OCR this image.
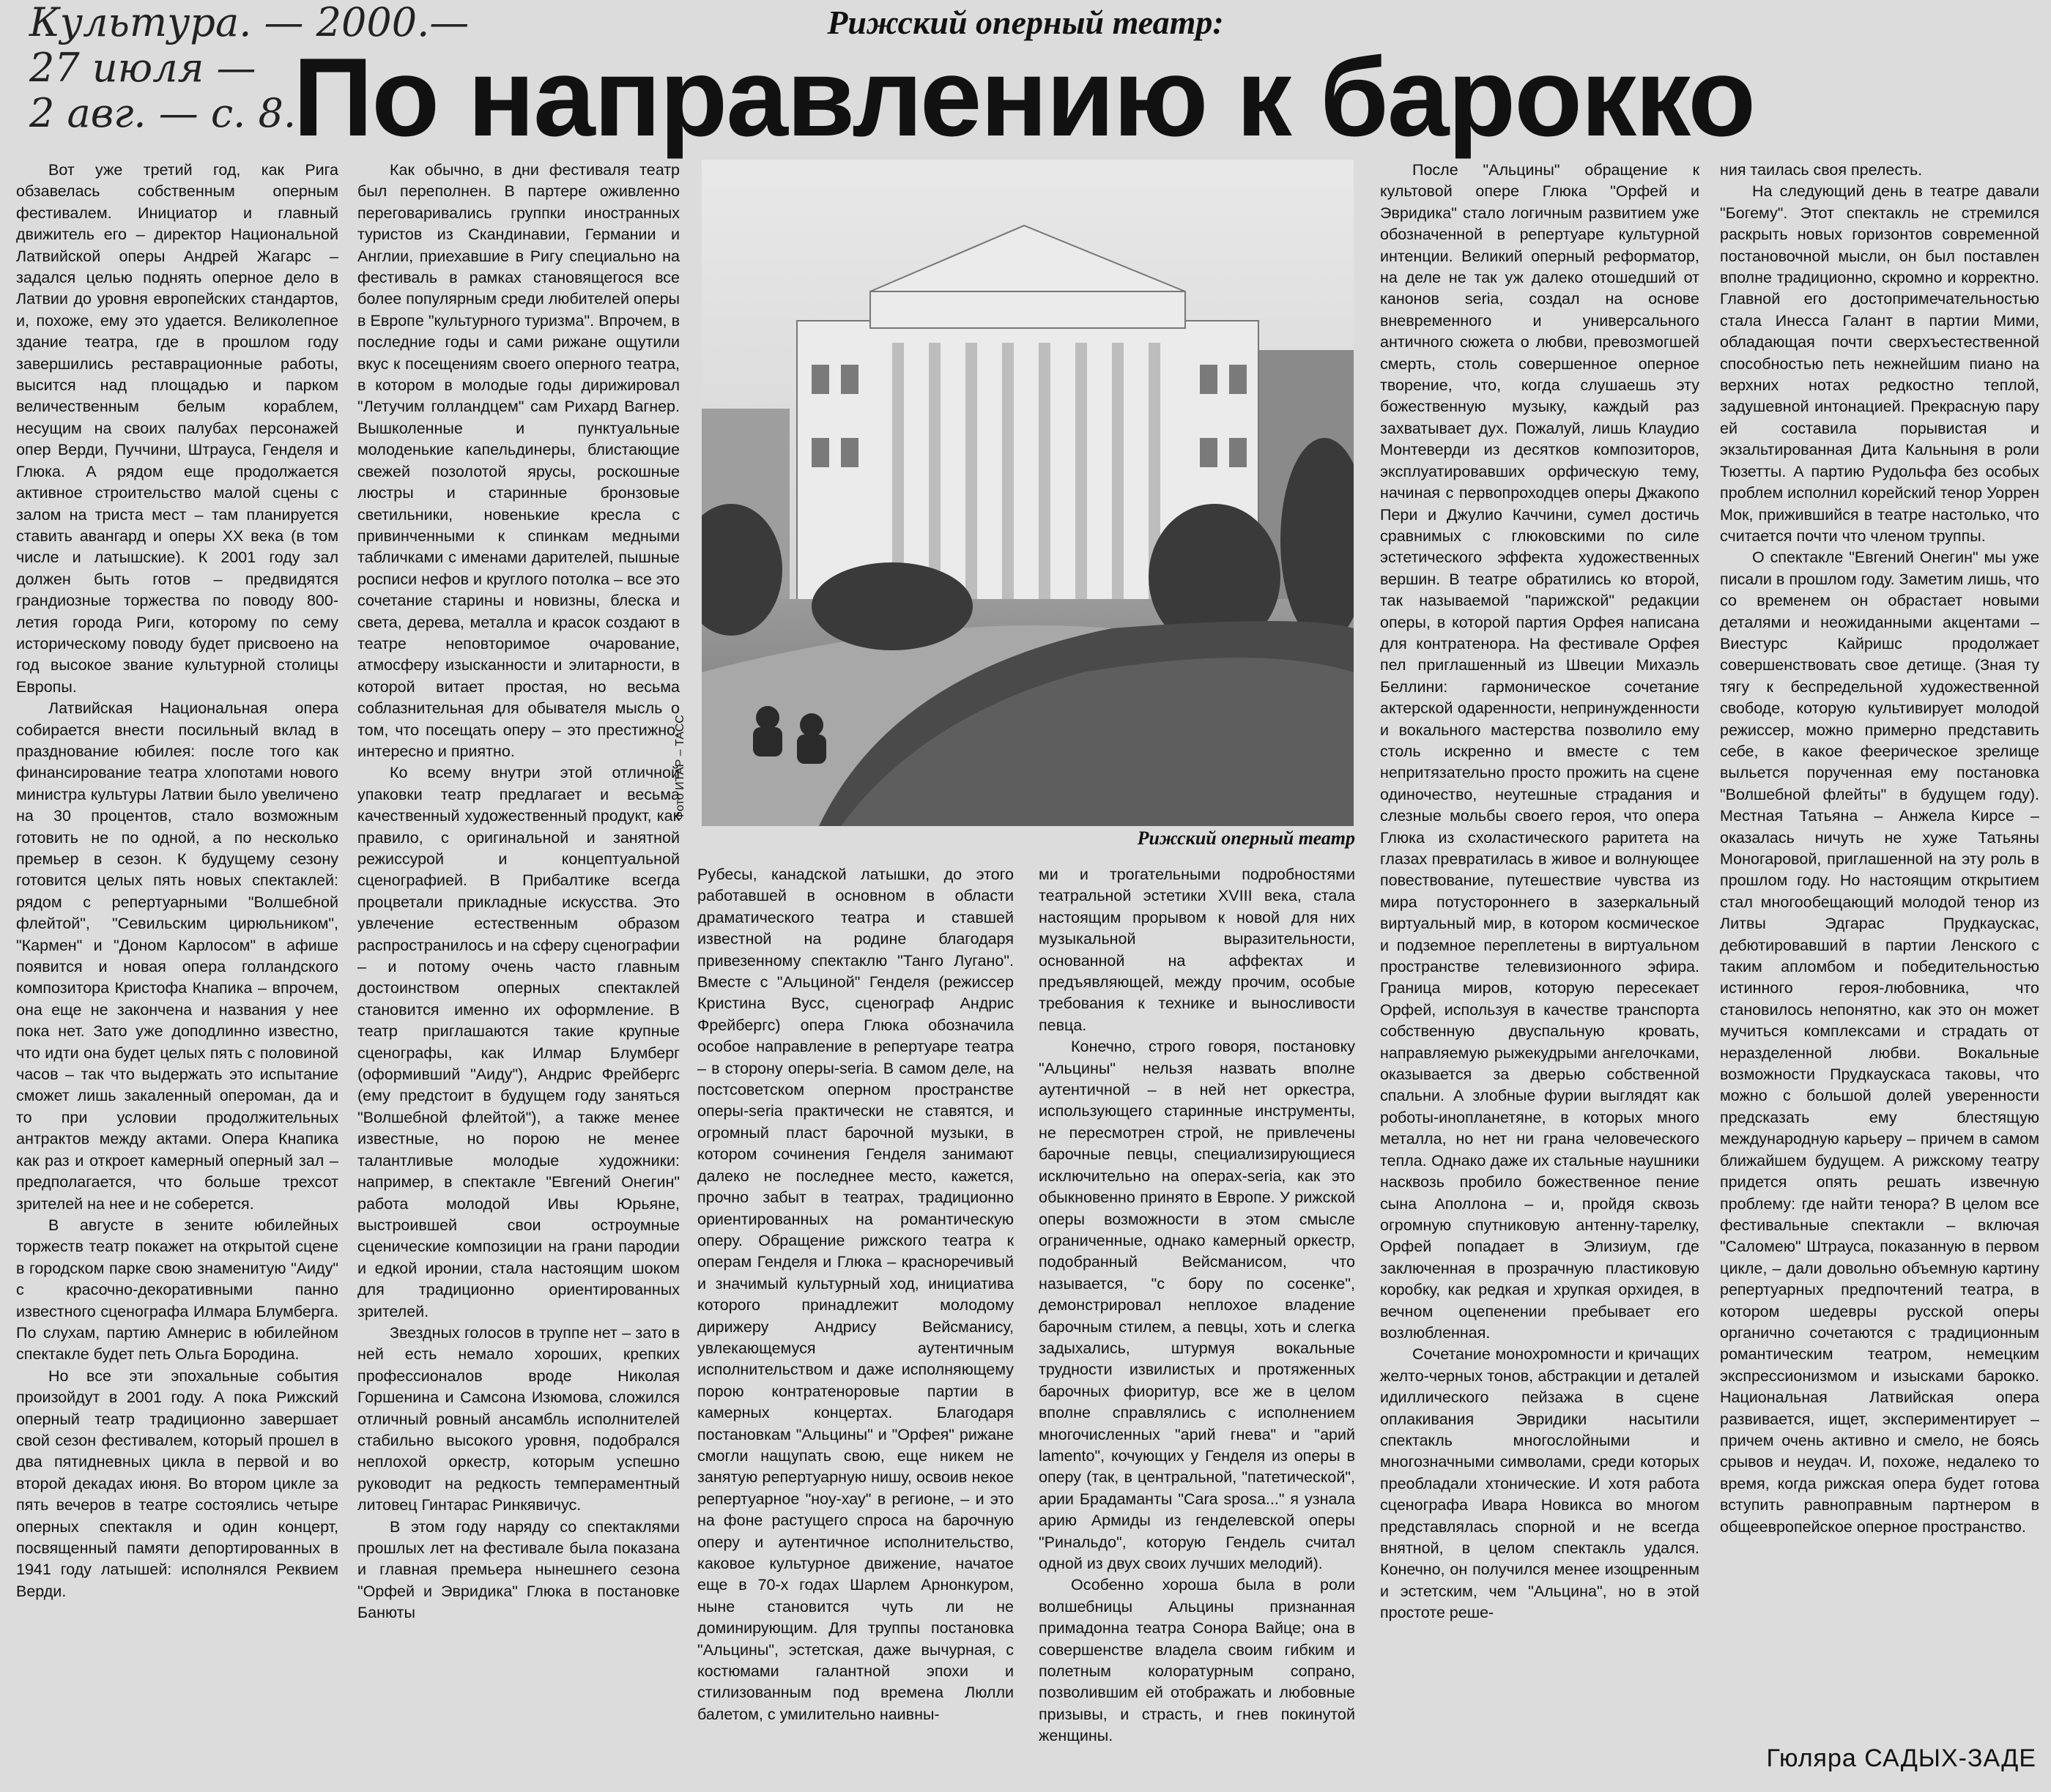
Культура. — 2000.—
27 июля —
2 авг. — с. 8.
Рижский оперный театр:
По направлению к барокко

Вот уже третий год, как Рига обзавелась собственным оперным фестивалем. Инициатор и главный движитель его – директор Национальной Латвийской оперы Андрей Жагарс – задался целью поднять оперное дело в Латвии до уровня европейских стандартов, и, похоже, ему это удается. Великолепное здание театра, где в прошлом году завершились реставрационные работы, высится над площадью и парком величественным белым кораблем, несущим на своих палубах персонажей опер Верди, Пуччини, Штрауса, Генделя и Глюка. А рядом еще продолжается активное строительство малой сцены с залом на триста мест – там планируется ставить авангард и оперы XX века (в том числе и латышские). К 2001 году зал должен быть готов – предвидятся грандиозные торжества по поводу 800-летия города Риги, которому по сему историческому поводу будет присвоено на год высокое звание культурной столицы Европы.

Латвийская Национальная опера собирается внести посильный вклад в празднование юбилея: после того как финансирование театра хлопотами нового министра культуры Латвии было увеличено на 30 процентов, стало возможным готовить не по одной, а по несколько премьер в сезон. К будущему сезону готовится целых пять новых спектаклей: рядом с репертуарными "Волшебной флейтой", "Севильским цирюльником", "Кармен" и "Доном Карлосом" в афише появится и новая опера голландского композитора Кристофа Кнапика – впрочем, она еще не закончена и названия у нее пока нет. Зато уже доподлинно известно, что идти она будет целых пять с половиной часов – так что выдержать это испытание сможет лишь закаленный опероман, да и то при условии продолжительных антрактов между актами. Опера Кнапика как раз и откроет камерный оперный зал – предполагается, что больше трехсот зрителей на нее и не соберется.

В августе в зените юбилейных торжеств театр покажет на открытой сцене в городском парке свою знаменитую "Аиду" с красочно-декоративными панно известного сценографа Илмара Блумберга. По слухам, партию Амнерис в юбилейном спектакле будет петь Ольга Бородина.

Но все эти эпохальные события произойдут в 2001 году. А пока Рижский оперный театр традиционно завершает свой сезон фестивалем, который прошел в два пятидневных цикла в первой и во второй декадах июня. Во втором цикле за пять вечеров в театре состоялись четыре оперных спектакля и один концерт, посвященный памяти депортированных в 1941 году латышей: исполнялся Реквием Верди.

Как обычно, в дни фестиваля театр был переполнен. В партере оживленно переговаривались группки иностранных туристов из Скандинавии, Германии и Англии, приехавшие в Ригу специально на фестиваль в рамках становящегося все более популярным среди любителей оперы в Европе "культурного туризма". Впрочем, в последние годы и сами рижане ощутили вкус к посещениям своего оперного театра, в котором в молодые годы дирижировал "Летучим голландцем" сам Рихард Вагнер. Вышколенные и пунктуальные молоденькие капельдинеры, блистающие свежей позолотой ярусы, роскошные люстры и старинные бронзовые светильники, новенькие кресла с привинченными к спинкам медными табличками с именами дарителей, пышные росписи нефов и круглого потолка – все это сочетание старины и новизны, блеска и света, дерева, металла и красок создают в театре неповторимое очарование, атмосферу изысканности и элитарности, в которой витает простая, но весьма соблазнительная для обывателя мысль о том, что посещать оперу – это престижно, интересно и приятно.

Ко всему внутри этой отличной упаковки театр предлагает и весьма качественный художественный продукт, как правило, с оригинальной и занятной режиссурой и концептуальной сценографией. В Прибалтике всегда процветали прикладные искусства. Это увлечение естественным образом распространилось и на сферу сценографии – и потому очень часто главным достоинством оперных спектаклей становится именно их оформление. В театр приглашаются такие крупные сценографы, как Илмар Блумберг (оформивший "Аиду"), Андрис Фрейбергс (ему предстоит в будущем году заняться "Волшебной флейтой"), а также менее известные, но порою не менее талантливые молодые художники: например, в спектакле "Евгений Онегин" работа молодой Ивы Юрьяне, выстроившей свои остроумные сценические композиции на грани пародии и едкой иронии, стала настоящим шоком для традиционно ориентированных зрителей.

Звездных голосов в труппе нет – зато в ней есть немало хороших, крепких профессионалов вроде Николая Горшенина и Самсона Изюмова, сложился отличный ровный ансамбль исполнителей стабильно высокого уровня, подобрался неплохой оркестр, которым успешно руководит на редкость темпераментный литовец Гинтарас Ринкявичус.

В этом году наряду со спектаклями прошлых лет на фестивале была показана и главная премьера нынешнего сезона "Орфей и Эвридика" Глюка в постановке Банюты

Фото ИТАР – ТАСС
Рижский оперный театр

Рубесы, канадской латышки, до этого работавшей в основном в области драматического театра и ставшей известной на родине благодаря привезенному спектаклю "Танго Лугано". Вместе с "Альциной" Генделя (режиссер Кристина Вусс, сценограф Андрис Фрейбергс) опера Глюка обозначила особое направление в репертуаре театра – в сторону оперы-seria. В самом деле, на постсоветском оперном пространстве оперы-seria практически не ставятся, и огромный пласт барочной музыки, в котором сочинения Генделя занимают далеко не последнее место, кажется, прочно забыт в театрах, традиционно ориентированных на романтическую оперу. Обращение рижского театра к операм Генделя и Глюка – красноречивый и значимый культурный ход, инициатива которого принадлежит молодому дирижеру Андрису Вейсманису, увлекающемуся аутентичным исполнительством и даже исполняющему порою контратеноровые партии в камерных концертах. Благодаря постановкам "Альцины" и "Орфея" рижане смогли нащупать свою, еще никем не занятую репертуарную нишу, освоив некое репертуарное "ноу-хау" в регионе, – и это на фоне растущего спроса на барочную оперу и аутентичное исполнительство, каковое культурное движение, начатое еще в 70-х годах Шарлем Арнонкуром, ныне становится чуть ли не доминирующим. Для труппы постановка "Альцины", эстетская, даже вычурная, с костюмами галантной эпохи и стилизованным под времена Люлли балетом, с умилительно наивны-

ми и трогательными подробностями театральной эстетики XVIII века, стала настоящим прорывом к новой для них музыкальной выразительности, основанной на аффектах и предъявляющей, между прочим, особые требования к технике и выносливости певца.

Конечно, строго говоря, постановку "Альцины" нельзя назвать вполне аутентичной – в ней нет оркестра, использующего старинные инструменты, не пересмотрен строй, не привлечены барочные певцы, специализирующиеся исключительно на операх-seria, как это обыкновенно принято в Европе. У рижской оперы возможности в этом смысле ограниченные, однако камерный оркестр, подобранный Вейсманисом, что называется, "с бору по сосенке", демонстрировал неплохое владение барочным стилем, а певцы, хоть и слегка задыхались, штурмуя вокальные трудности извилистых и протяженных барочных фиоритур, все же в целом вполне справлялись с исполнением многочисленных "арий гнева" и "арий lamento", кочующих у Генделя из оперы в оперу (так, в центральной, "патетической", арии Брадаманты "Cara sposa..." я узнала арию Армиды из генделевской оперы "Ринальдо", которую Гендель считал одной из двух своих лучших мелодий).

Особенно хороша была в роли волшебницы Альцины признанная примадонна театра Сонора Вайце; она в совершенстве владела своим гибким и полетным колоратурным сопрано, позволившим ей отображать и любовные призывы, и страсть, и гнев покинутой женщины.

После "Альцины" обращение к культовой опере Глюка "Орфей и Эвридика" стало логичным развитием уже обозначенной в репертуаре культурной интенции. Великий оперный реформатор, на деле не так уж далеко отошедший от канонов seria, создал на основе вневременного и универсального античного сюжета о любви, превозмогшей смерть, столь совершенное оперное творение, что, когда слушаешь эту божественную музыку, каждый раз захватывает дух. Пожалуй, лишь Клаудио Монтеверди из десятков композиторов, эксплуатировавших орфическую тему, начиная с первопроходцев оперы Джакопо Пери и Джулио Каччини, сумел достичь сравнимых с глюковскими по силе эстетического эффекта художественных вершин. В театре обратились ко второй, так называемой "парижской" редакции оперы, в которой партия Орфея написана для контратенора. На фестивале Орфея пел приглашенный из Швеции Михаэль Беллини: гармоническое сочетание актерской одаренности, непринужденности и вокального мастерства позволило ему столь искренно и вместе с тем непритязательно просто прожить на сцене одиночество, неутешные страдания и слезные мольбы своего героя, что опера Глюка из схоластического раритета на глазах превратилась в живое и волнующее повествование, путешествие чувства из мира потустороннего в зазеркальный виртуальный мир, в котором космическое и подземное переплетены в виртуальном пространстве телевизионного эфира. Граница миров, которую пересекает Орфей, используя в качестве транспорта собственную двуспальную кровать, направляемую рыжекудрыми ангелочками, оказывается за дверью собственной спальни. А злобные фурии выглядят как роботы-инопланетяне, в которых много металла, но нет ни грана человеческого тепла. Однако даже их стальные наушники насквозь пробило божественное пение сына Аполлона – и, пройдя сквозь огромную спутниковую антенну-тарелку, Орфей попадает в Элизиум, где заключенная в прозрачную пластиковую коробку, как редкая и хрупкая орхидея, в вечном оцепенении пребывает его возлюбленная.

Сочетание монохромности и кричащих желто-черных тонов, абстракции и деталей идиллического пейзажа в сцене оплакивания Эвридики насытили спектакль многослойными и многозначными символами, среди которых преобладали хтонические. И хотя работа сценографа Ивара Новикса во многом представлялась спорной и не всегда внятной, в целом спектакль удался. Конечно, он получился менее изощренным и эстетским, чем "Альцина", но в этой простоте реше-

ния таилась своя прелесть.

На следующий день в театре давали "Богему". Этот спектакль не стремился раскрыть новых горизонтов современной постановочной мысли, он был поставлен вполне традиционно, скромно и корректно. Главной его достопримечательностью стала Инесса Галант в партии Мими, обладающая почти сверхъестественной способностью петь нежнейшим пиано на верхних нотах редкостно теплой, задушевной интонацией. Прекрасную пару ей составила порывистая и экзальтированная Дита Кальныня в роли Тюзетты. А партию Рудольфа без особых проблем исполнил корейский тенор Уоррен Мок, прижившийся в театре настолько, что считается почти что членом труппы.

О спектакле "Евгений Онегин" мы уже писали в прошлом году. Заметим лишь, что со временем он обрастает новыми деталями и неожиданными акцентами – Виестурс Кайришс продолжает совершенствовать свое детище. (Зная ту тягу к беспредельной художественной свободе, которую культивирует молодой режиссер, можно примерно представить себе, в какое феерическое зрелище выльется порученная ему постановка "Волшебной флейты" в будущем году). Местная Татьяна – Анжела Кирсе – оказалась ничуть не хуже Татьяны Моногаровой, приглашенной на эту роль в прошлом году. Но настоящим открытием стал многообещающий молодой тенор из Литвы Эдгарас Прудкаускас, дебютировавший в партии Ленского с таким апломбом и победительностью истинного героя-любовника, что становилось непонятно, как это он может мучиться комплексами и страдать от неразделенной любви. Вокальные возможности Прудкаускаса таковы, что можно с большой долей уверенности предсказать ему блестящую международную карьеру – причем в самом ближайшем будущем. А рижскому театру придется опять решать извечную проблему: где найти тенора? В целом все фестивальные спектакли – включая "Саломею" Штрауса, показанную в первом цикле, – дали довольно объемную картину репертуарных предпочтений театра, в котором шедевры русской оперы органично сочетаются с традиционным романтическим театром, немецким экспрессионизмом и изысками барокко. Национальная Латвийская опера развивается, ищет, экспериментирует – причем очень активно и смело, не боясь срывов и неудач. И, похоже, недалеко то время, когда рижская опера будет готова вступить равноправным партнером в общеевропейское оперное пространство.

Гюляра САДЫХ-ЗАДЕ
